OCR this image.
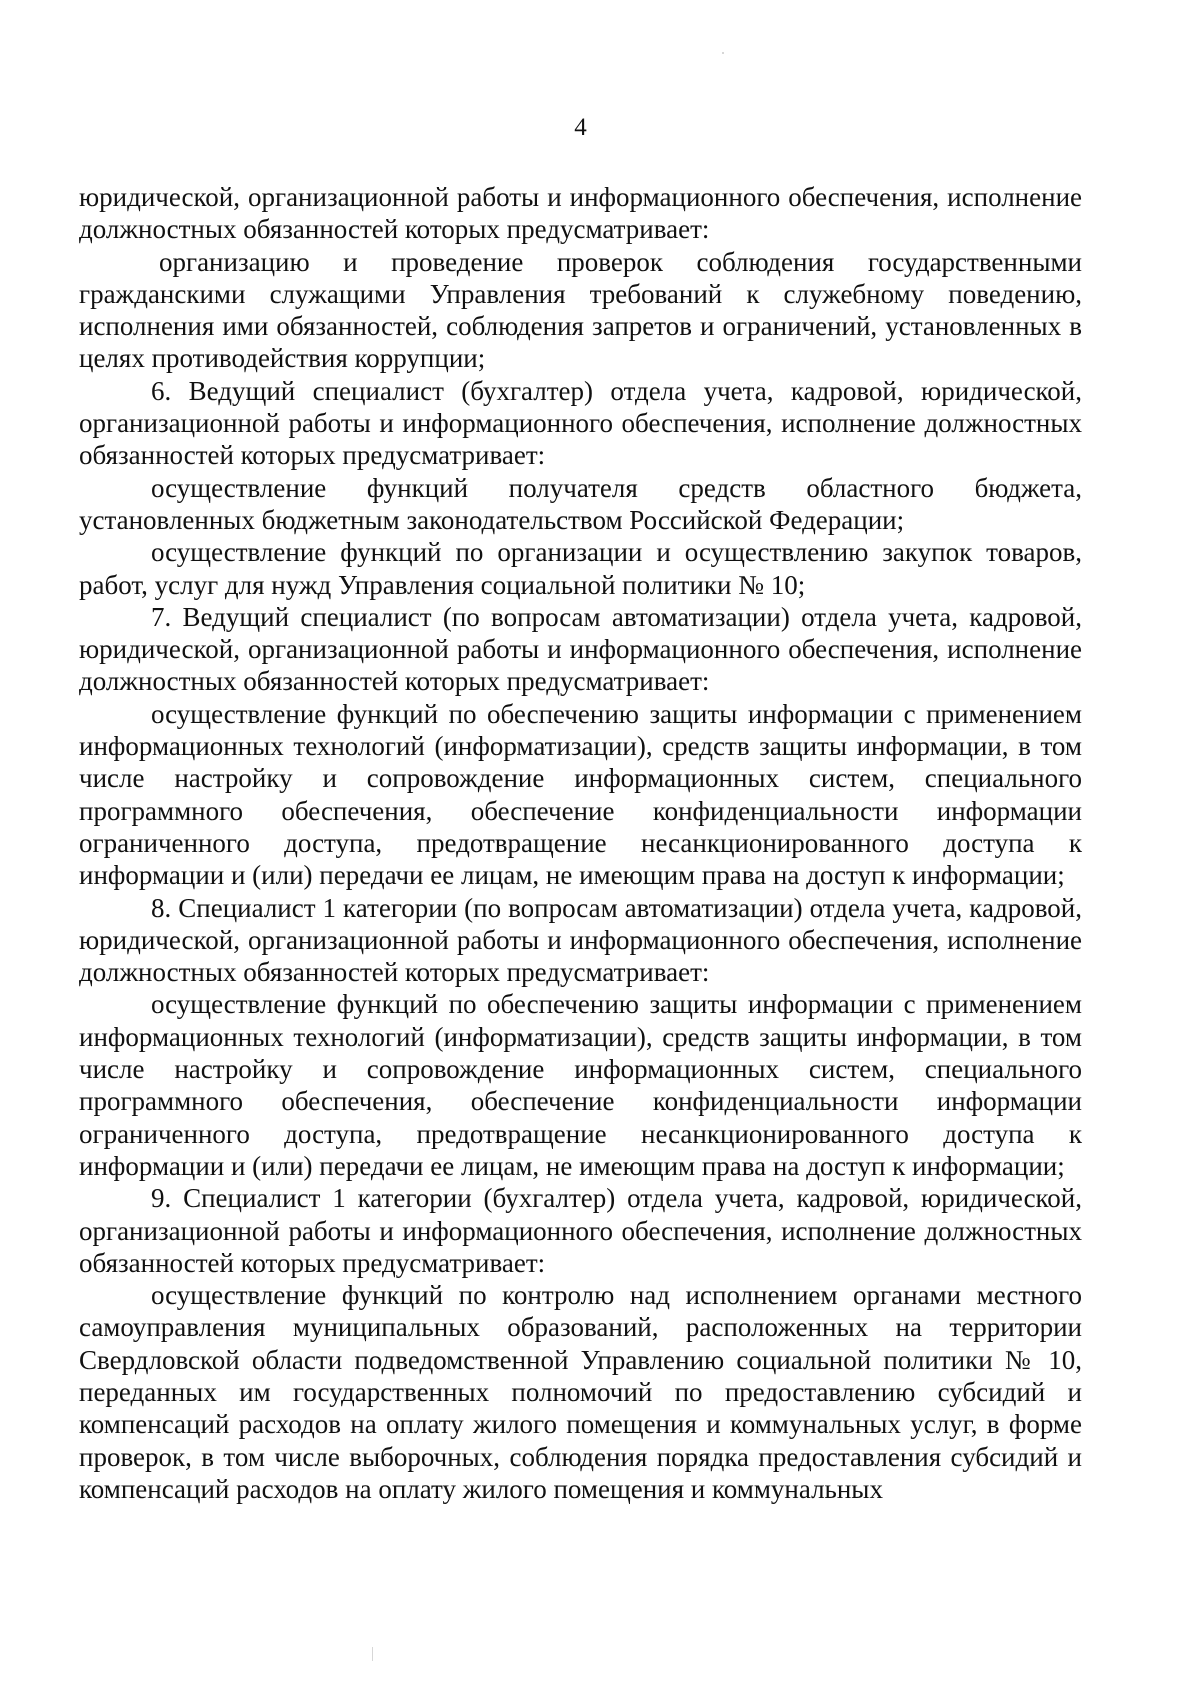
4

юридической, организационной работы и информационного обеспечения, исполнение должностных обязанностей которых предусматривает:

организацию и проведение проверок соблюдения государственными гражданскими служащими Управления требований к служебному поведению, исполнения ими обязанностей, соблюдения запретов и ограничений, установленных в целях противодействия коррупции;

6. Ведущий специалист (бухгалтер) отдела учета, кадровой, юридической, организационной работы и информационного обеспечения, исполнение должностных обязанностей которых предусматривает:

осуществление функций получателя средств областного бюджета, установленных бюджетным законодательством Российской Федерации;

осуществление функций по организации и осуществлению закупок товаров, работ, услуг для нужд Управления социальной политики № 10;

7. Ведущий специалист (по вопросам автоматизации) отдела учета, кадровой, юридической, организационной работы и информационного обеспечения, исполнение должностных обязанностей которых предусматривает:

осуществление функций по обеспечению защиты информации с применением информационных технологий (информатизации), средств защиты информации, в том числе настройку и сопровождение информационных систем, специального программного обеспечения, обеспечение конфиденциальности информации ограниченного доступа, предотвращение несанкционированного доступа к информации и (или) передачи ее лицам, не имеющим права на доступ к информации;

8. Специалист 1 категории (по вопросам автоматизации) отдела учета, кадровой, юридической, организационной работы и информационного обеспечения, исполнение должностных обязанностей которых предусматривает:

осуществление функций по обеспечению защиты информации с применением информационных технологий (информатизации), средств защиты информации, в том числе настройку и сопровождение информационных систем, специального программного обеспечения, обеспечение конфиденциальности информации ограниченного доступа, предотвращение несанкционированного доступа к информации и (или) передачи ее лицам, не имеющим права на доступ к информации;

9. Специалист 1 категории (бухгалтер) отдела учета, кадровой, юридической, организационной работы и информационного обеспечения, исполнение должностных обязанностей которых предусматривает:

осуществление функций по контролю над исполнением органами местного самоуправления муниципальных образований, расположенных на территории Свердловской области подведомственной Управлению социальной политики № 10, переданных им государственных полномочий по предоставлению субсидий и компенсаций расходов на оплату жилого помещения и коммунальных услуг, в форме проверок, в том числе выборочных, соблюдения порядка предоставления субсидий и компенсаций расходов на оплату жилого помещения и коммунальных
